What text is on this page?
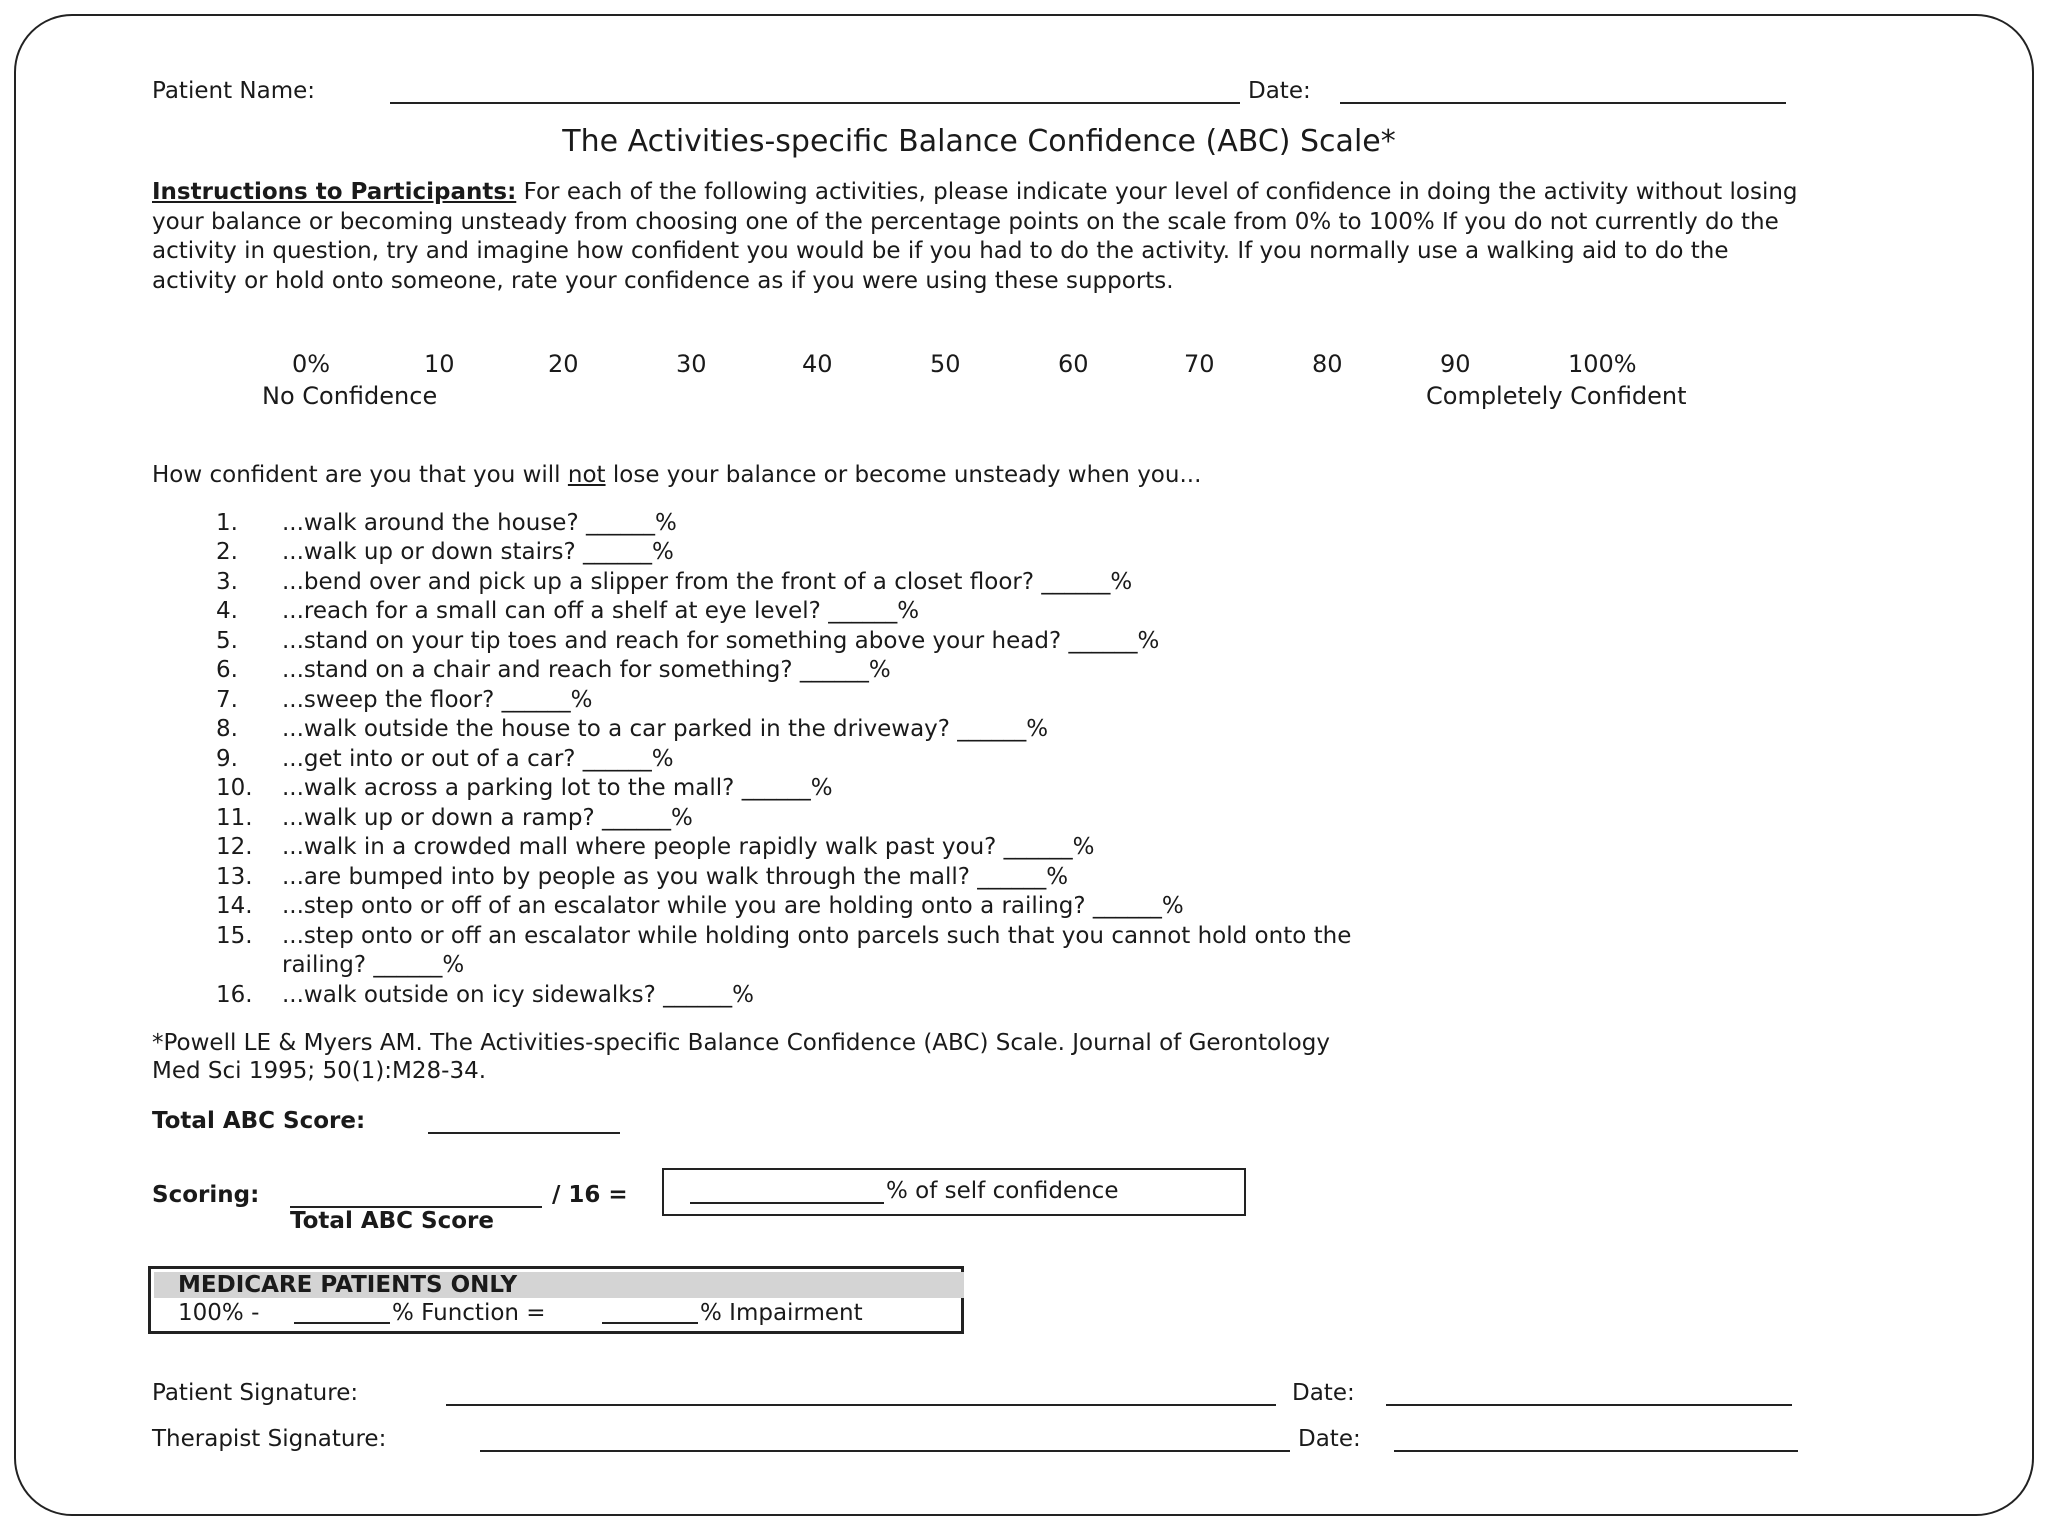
Patient Name:	Date:
The Activities-specific Balance Confidence (ABC) Scale*
Instructions to Participants: For each of the following activities, please indicate your level of confidence in doing the activity without losing your balance or becoming unsteady from choosing one of the percentage points on the scale from 0% to 100% If you do not currently do the activity in question, try and imagine how confident you would be if you had to do the activity. If you normally use a walking aid to do the activity or hold onto someone, rate your confidence as if you were using these supports.
0%	10	20	30	40	50	60	70	80	90	100%
No Confidence	Completely Confident
How confident are you that you will not lose your balance or become unsteady when you...
1.	...walk around the house? ______%
2.	...walk up or down stairs? ______%
3.	...bend over and pick up a slipper from the front of a closet floor? ______%
4.	...reach for a small can off a shelf at eye level? ______%
5.	...stand on your tip toes and reach for something above your head? ______%
6.	...stand on a chair and reach for something? ______%
7.	...sweep the floor? ______%
8.	...walk outside the house to a car parked in the driveway? ______%
9.	...get into or out of a car? ______%
10.	...walk across a parking lot to the mall? ______%
11.	...walk up or down a ramp? ______%
12.	...walk in a crowded mall where people rapidly walk past you? ______%
13.	...are bumped into by people as you walk through the mall? ______%
14.	...step onto or off of an escalator while you are holding onto a railing? ______%
15.	...step onto or off an escalator while holding onto parcels such that you cannot hold onto the
railing? ______%
16.	...walk outside on icy sidewalks? ______%
*Powell LE & Myers AM. The Activities-specific Balance Confidence (ABC) Scale. Journal of Gerontology
Med Sci 1995; 50(1):M28-34.
Total ABC Score:
Scoring:	/ 16 =
Total ABC Score
% of self confidence
MEDICARE PATIENTS ONLY
100% -	% Function =	% Impairment
Patient Signature:	Date:
Therapist Signature:	Date:
